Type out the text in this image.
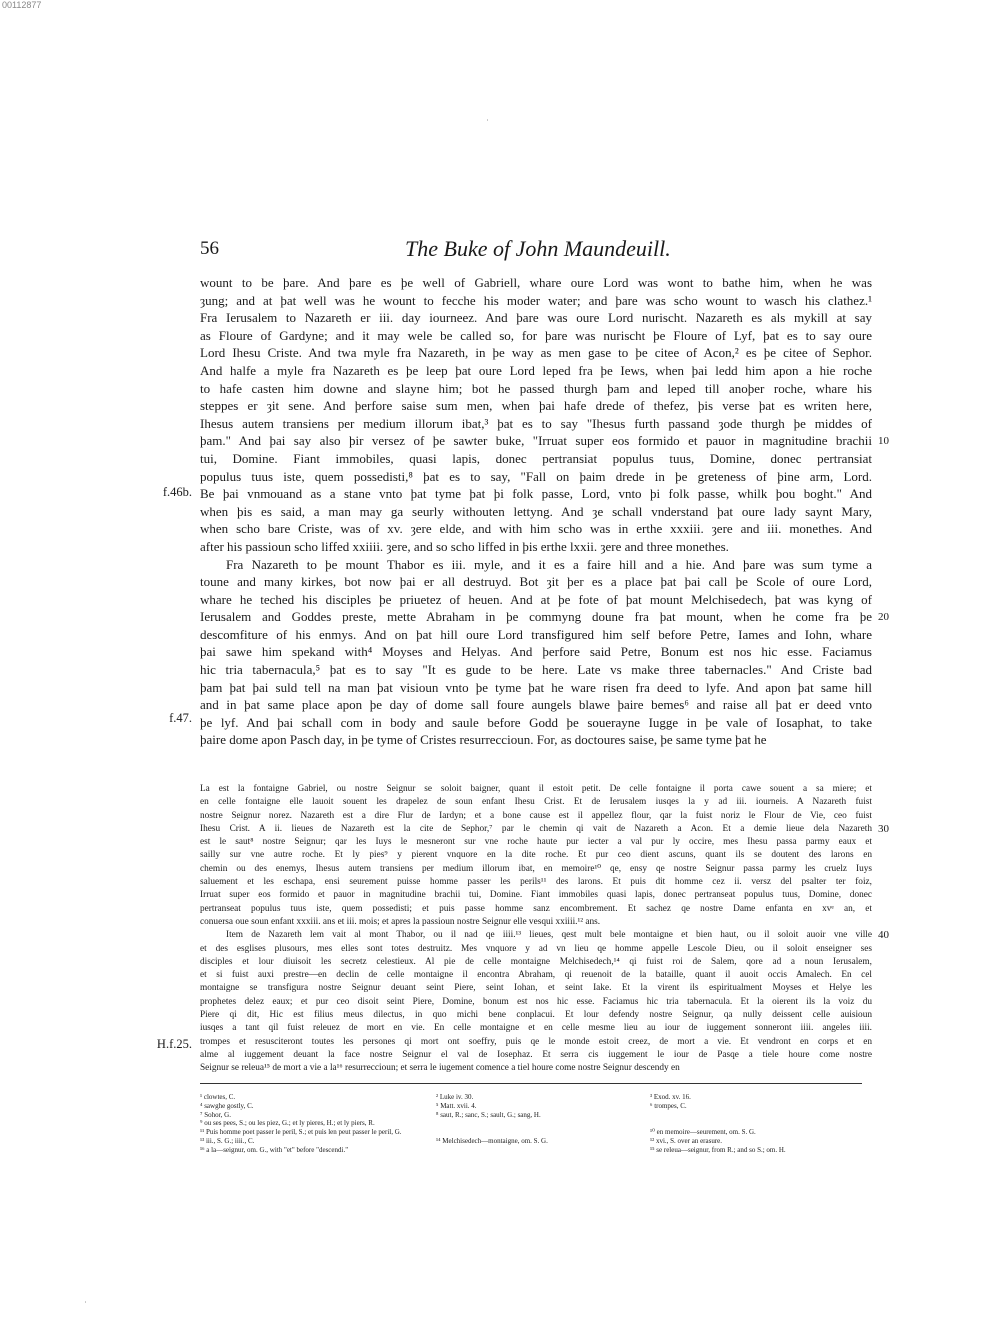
00112877
˙
56	The Buke of John Maundeuill.
f.46b.
f.47.
10
20
wount to be þare. And þare es þe well of Gabriell, whare oure Lord was wont to bathe him, when he was
ȝung; and at þat well was he wount to fecche his moder water; and þare was scho wount to wasch his clathez.¹
Fra Ierusalem to Nazareth er iii. day iourneez. And þare was oure Lord nurischt. Nazareth es als mykill at say
as Floure of Gardyne; and it may wele be called so, for þare was nurischt þe Floure of Lyf, þat es to say oure
Lord Ihesu Criste. And twa myle fra Nazareth, in þe way as men gase to þe citee of Acon,² es þe citee of Sephor.
And halfe a myle fra Nazareth es þe leep þat oure Lord leped fra þe Iews, when þai ledd him apon a hie roche
to hafe casten him downe and slayne him; bot he passed thurgh þam and leped till anoþer roche, whare his
steppes er ȝit sene. And þerfore saise sum men, when þai hafe drede of thefez, þis verse þat es writen here,
Ihesus autem transiens per medium illorum ibat,³ þat es to say "Ihesus furth passand ȝode thurgh þe middes of
þam." And þai say also þir versez of þe sawter buke, "Irruat super eos formido et pauor in magnitudine brachii
tui, Domine. Fiant immobiles, quasi lapis, donec pertransiat populus tuus, Domine, donec pertransiat
populus tuus iste, quem possedisti,⁸ þat es to say, "Fall on þaim drede in þe greteness of þine arm, Lord.
Be þai vnmouand as a stane vnto þat tyme þat þi folk passe, Lord, vnto þi folk passe, whilk þou boght." And
when þis es said, a man may ga seurly withouten lettyng. And ȝe schall vnderstand þat oure lady saynt Mary,
when scho bare Criste, was of xv. ȝere elde, and with him scho was in erthe xxxiii. ȝere and iii. monethes. And
after his passioun scho liffed xxiiii. ȝere, and so scho liffed in þis erthe lxxii. ȝere and three monethes.
Fra Nazareth to þe mount Thabor es iii. myle, and it es a faire hill and a hie. And þare was sum tyme a
toune and many kirkes, bot now þai er all destruyd. Bot ȝit þer es a place þat þai call þe Scole of oure Lord,
whare he teched his disciples þe priuetez of heuen. And at þe fote of þat mount Melchisedech, þat was kyng of
Ierusalem and Goddes preste, mette Abraham in þe commyng doune fra þat mount, when he come fra þe
descomfiture of his enmys. And on þat hill oure Lord transfigured him self before Petre, Iames and Iohn, whare
þai sawe him spekand with⁴ Moyses and Helyas. And þerfore said Petre, Bonum est nos hic esse. Faciamus
hic tria tabernacula,⁵ þat es to say "It es gude to be here. Late vs make three tabernacles." And Criste bad
þam þat þai suld tell na man þat visioun vnto þe tyme þat he ware risen fra deed to lyfe. And apon þat same hill
and in þat same place apon þe day of dome sall foure aungels blawe þaire bemes⁶ and raise all þat er deed vnto
þe lyf. And þai schall com in body and saule before Godd þe souerayne Iugge in þe vale of Iosaphat, to take
þaire dome apon Pasch day, in þe tyme of Cristes resurreccioun. For, as doctoures saise, þe same tyme þat he
H.f.25.
30
40
La est la fontaigne Gabriel, ou nostre Seignur se soloit baigner, quant il estoit petit. De celle fontaigne il porta cawe souent a sa miere; et
en celle fontaigne elle lauoit souent les drapelez de soun enfant Ihesu Crist. Et de Ierusalem iusqes la y ad iii. iourneis. A Nazareth fuist
nostre Seignur norez. Nazareth est a dire Flur de Iardyn; et a bone cause est il appellez flour, qar la fuist noriz le Flour de Vie, ceo fuist
Ihesu Crist. A ii. lieues de Nazareth est la cite de Sephor,⁷ par le chemin qi vait de Nazareth a Acon. Et a demie lieue dela Nazareth
est le saut⁸ nostre Seignur; qar les Iuys le mesneront sur vne roche haute pur iecter a val pur ly occire, mes Ihesu passa parmy eaux et
sailly sur vne autre roche. Et ly pies⁹ y pierent vnquore en la dite roche. Et pur ceo dient ascuns, quant ils se doutent des larons en
chemin ou des enemys, Ihesus autem transiens per medium illorum ibat, en memoire¹⁰ qe, ensy qe nostre Seignur passa parmy les cruelz Iuys
saluement et les eschapa, ensi seurement puisse homme passer les perils¹¹ des larons. Et puis dit homme cez ii. versz del psalter ter foiz,
Irruat super eos formido et pauor in magnitudine brachii tui, Domine. Fiant immobiles quasi lapis, donec pertranseat populus tuus, Domine, donec
pertranseat populus tuus iste, quem possedisti; et puis passe homme sanz encombrement. Et sachez qe nostre Dame enfanta en xvᵉ an, et
conuersa oue soun enfant xxxiii. ans et iii. mois; et apres la passioun nostre Seignur elle vesqui xxiiii.¹² ans.
Item de Nazareth lem vait al mont Thabor, ou il nad qe iiii.¹³ lieues, qest mult bele montaigne et bien haut, ou il soloit auoir vne ville
et des esglises plusours, mes elles sont totes destruitz. Mes vnquore y ad vn lieu qe homme appelle Lescole Dieu, ou il soloit enseigner ses
disciples et lour diuisoit les secretz celestieux. Al pie de celle montaigne Melchisedech,¹⁴ qi fuist roi de Salem, qore ad a noun Ierusalem,
et si fuist auxi prestre—en declin de celle montaigne il encontra Abraham, qi reuenoit de la bataille, quant il auoit occis Amalech. En cel
montaigne se transfigura nostre Seignur deuant seint Piere, seint Iohan, et seint Iake. Et la virent ils espiritualment Moyses et Helye les
prophetes delez eaux; et pur ceo disoit seint Piere, Domine, bonum est nos hic esse. Faciamus hic tria tabernacula. Et la oierent ils la voiz du
Piere qi dit, Hic est filius meus dilectus, in quo michi bene conplacui. Et lour defendy nostre Seignur, qa nully deissent celle auisioun
iusqes a tant qil fuist releuez de mort en vie. En celle montaigne et en celle mesme lieu au iour de iuggement sonneront iiii. angeles iiii.
trompes et resusciteront toutes les persones qi mort ont soeffry, puis qe le monde estoit creez, de mort a vie. Et vendront en corps et en
alme al iuggement deuant la face nostre Seignur el val de Iosephaz. Et serra cis iuggement le iour de Pasqe a tiele houre come nostre
Seignur se releua¹⁵ de mort a vie a la¹⁶ resurreccioun; et serra le iugement comence a tiel houre come nostre Seignur descendy en
¹ clowtes, C.
⁴ sawghe gostly, C.
⁷ Sohor, G.
⁹ ou ses pees, S.; ou les piez, G.; et ly pieres, H.; et ly piers, R.
¹¹ Puis homme poet passer le peril, S.; et puis len peut passer le peril, G.
¹³ iii., S. G.; iiii., C.
¹⁶ a la—seignur, om. G., with "et" before "descendi."
² Luke iv. 30.
⁵ Matt. xvii. 4.
⁸ saut, R.; sanc, S.; sault, G.; sang, H.

¹⁴ Melchisedech—montaigne, om. S. G.
³ Exod. xv. 16.
⁶ trompes, C.

¹⁰ en memoire—seurement, om. S. G.
¹² xvi., S. over an erasure.
¹⁵ se releua—seignur, from R.; and so S.; om. H.
˙
